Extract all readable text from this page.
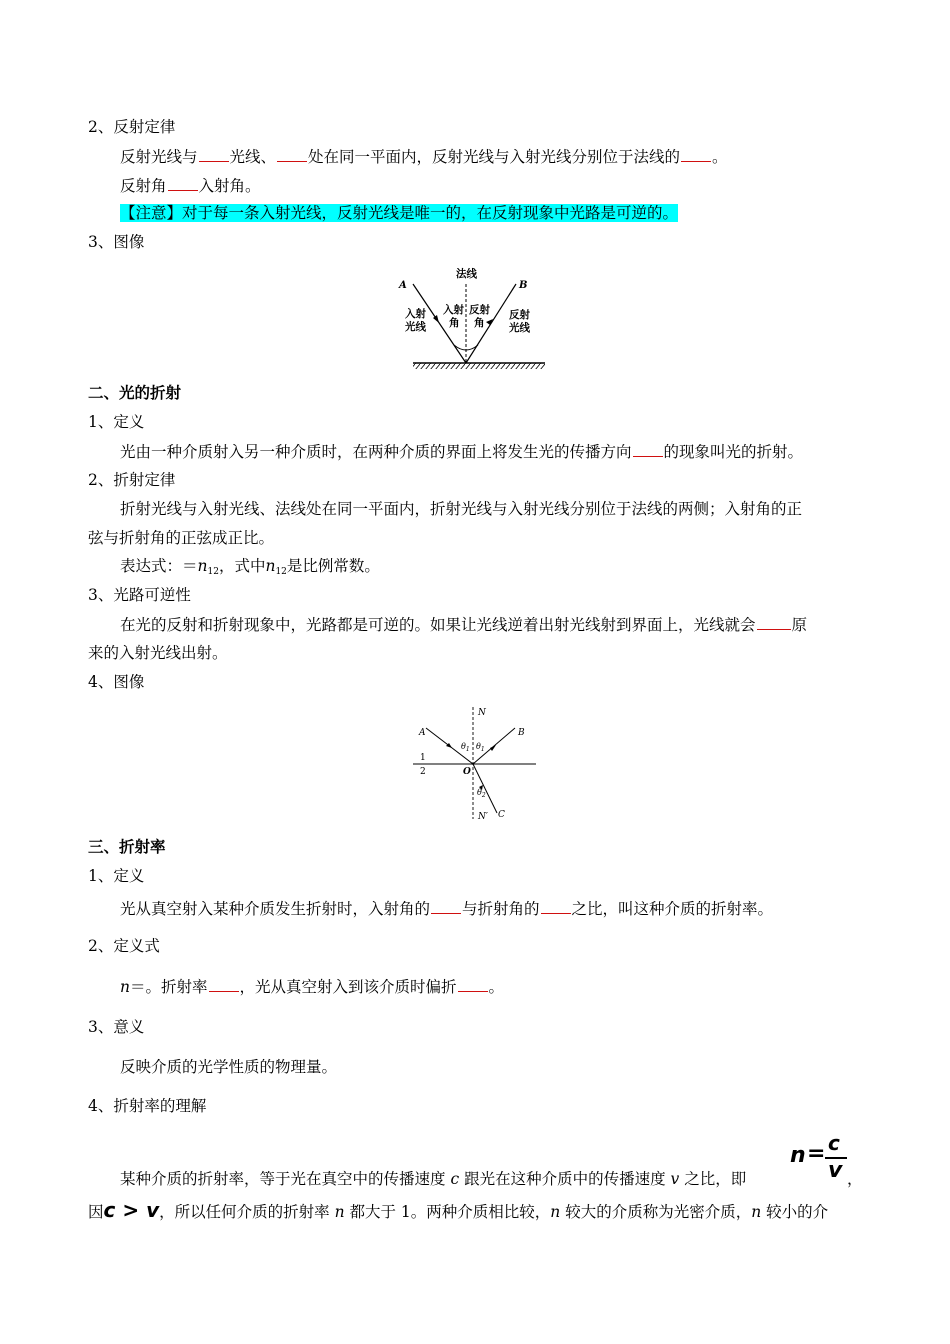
2、反射定律
反射光线与 光线、 处在同一平面内，反射光线与入射光线分别位于法线的 。
反射角 入射角。
【注意】对于每一条入射光线，反射光线是唯一的，在反射现象中光路是可逆的。
3、图像
A	B
法线
入射
光线
入射
角
反射
角
反射
光线
二、光的折射
1、定义
光由一种介质射入另一种介质时，在两种介质的界面上将发生光的传播方向 的现象叫光的折射。
2、折射定律
折射光线与入射光线、法线处在同一平面内，折射光线与入射光线分别位于法线的两侧；入射角的正
弦与折射角的正弦成正比。
表达式：$=n_{12}$，式中$n_{12}$是比例常数。
3、光路可逆性
在光的反射和折射现象中，光路都是可逆的。如果让光线逆着出射光线射到界面上，光线就会 原
来的入射光线出射。
4、图像
N
A	B
$\theta_1$ $\theta_1$
1
2	O
$\theta_2$
C
N′
三、折射率
1、定义
光从真空射入某种介质发生折射时，入射角的 与折射角的 之比，叫这种介质的折射率。
2、定义式
n＝。折射率 ，光从真空射入到该介质时偏折 。
3、意义
反映介质的光学性质的物理量。
4、折射率的理解
某种介质的折射率，等于光在真空中的传播速度 c 跟光在这种介质中的传播速度 v 之比，即
n = c
v ，
因c > v，所以任何介质的折射率 n 都大于 1。两种介质相比较，n 较大的介质称为光密介质，n 较小的介
